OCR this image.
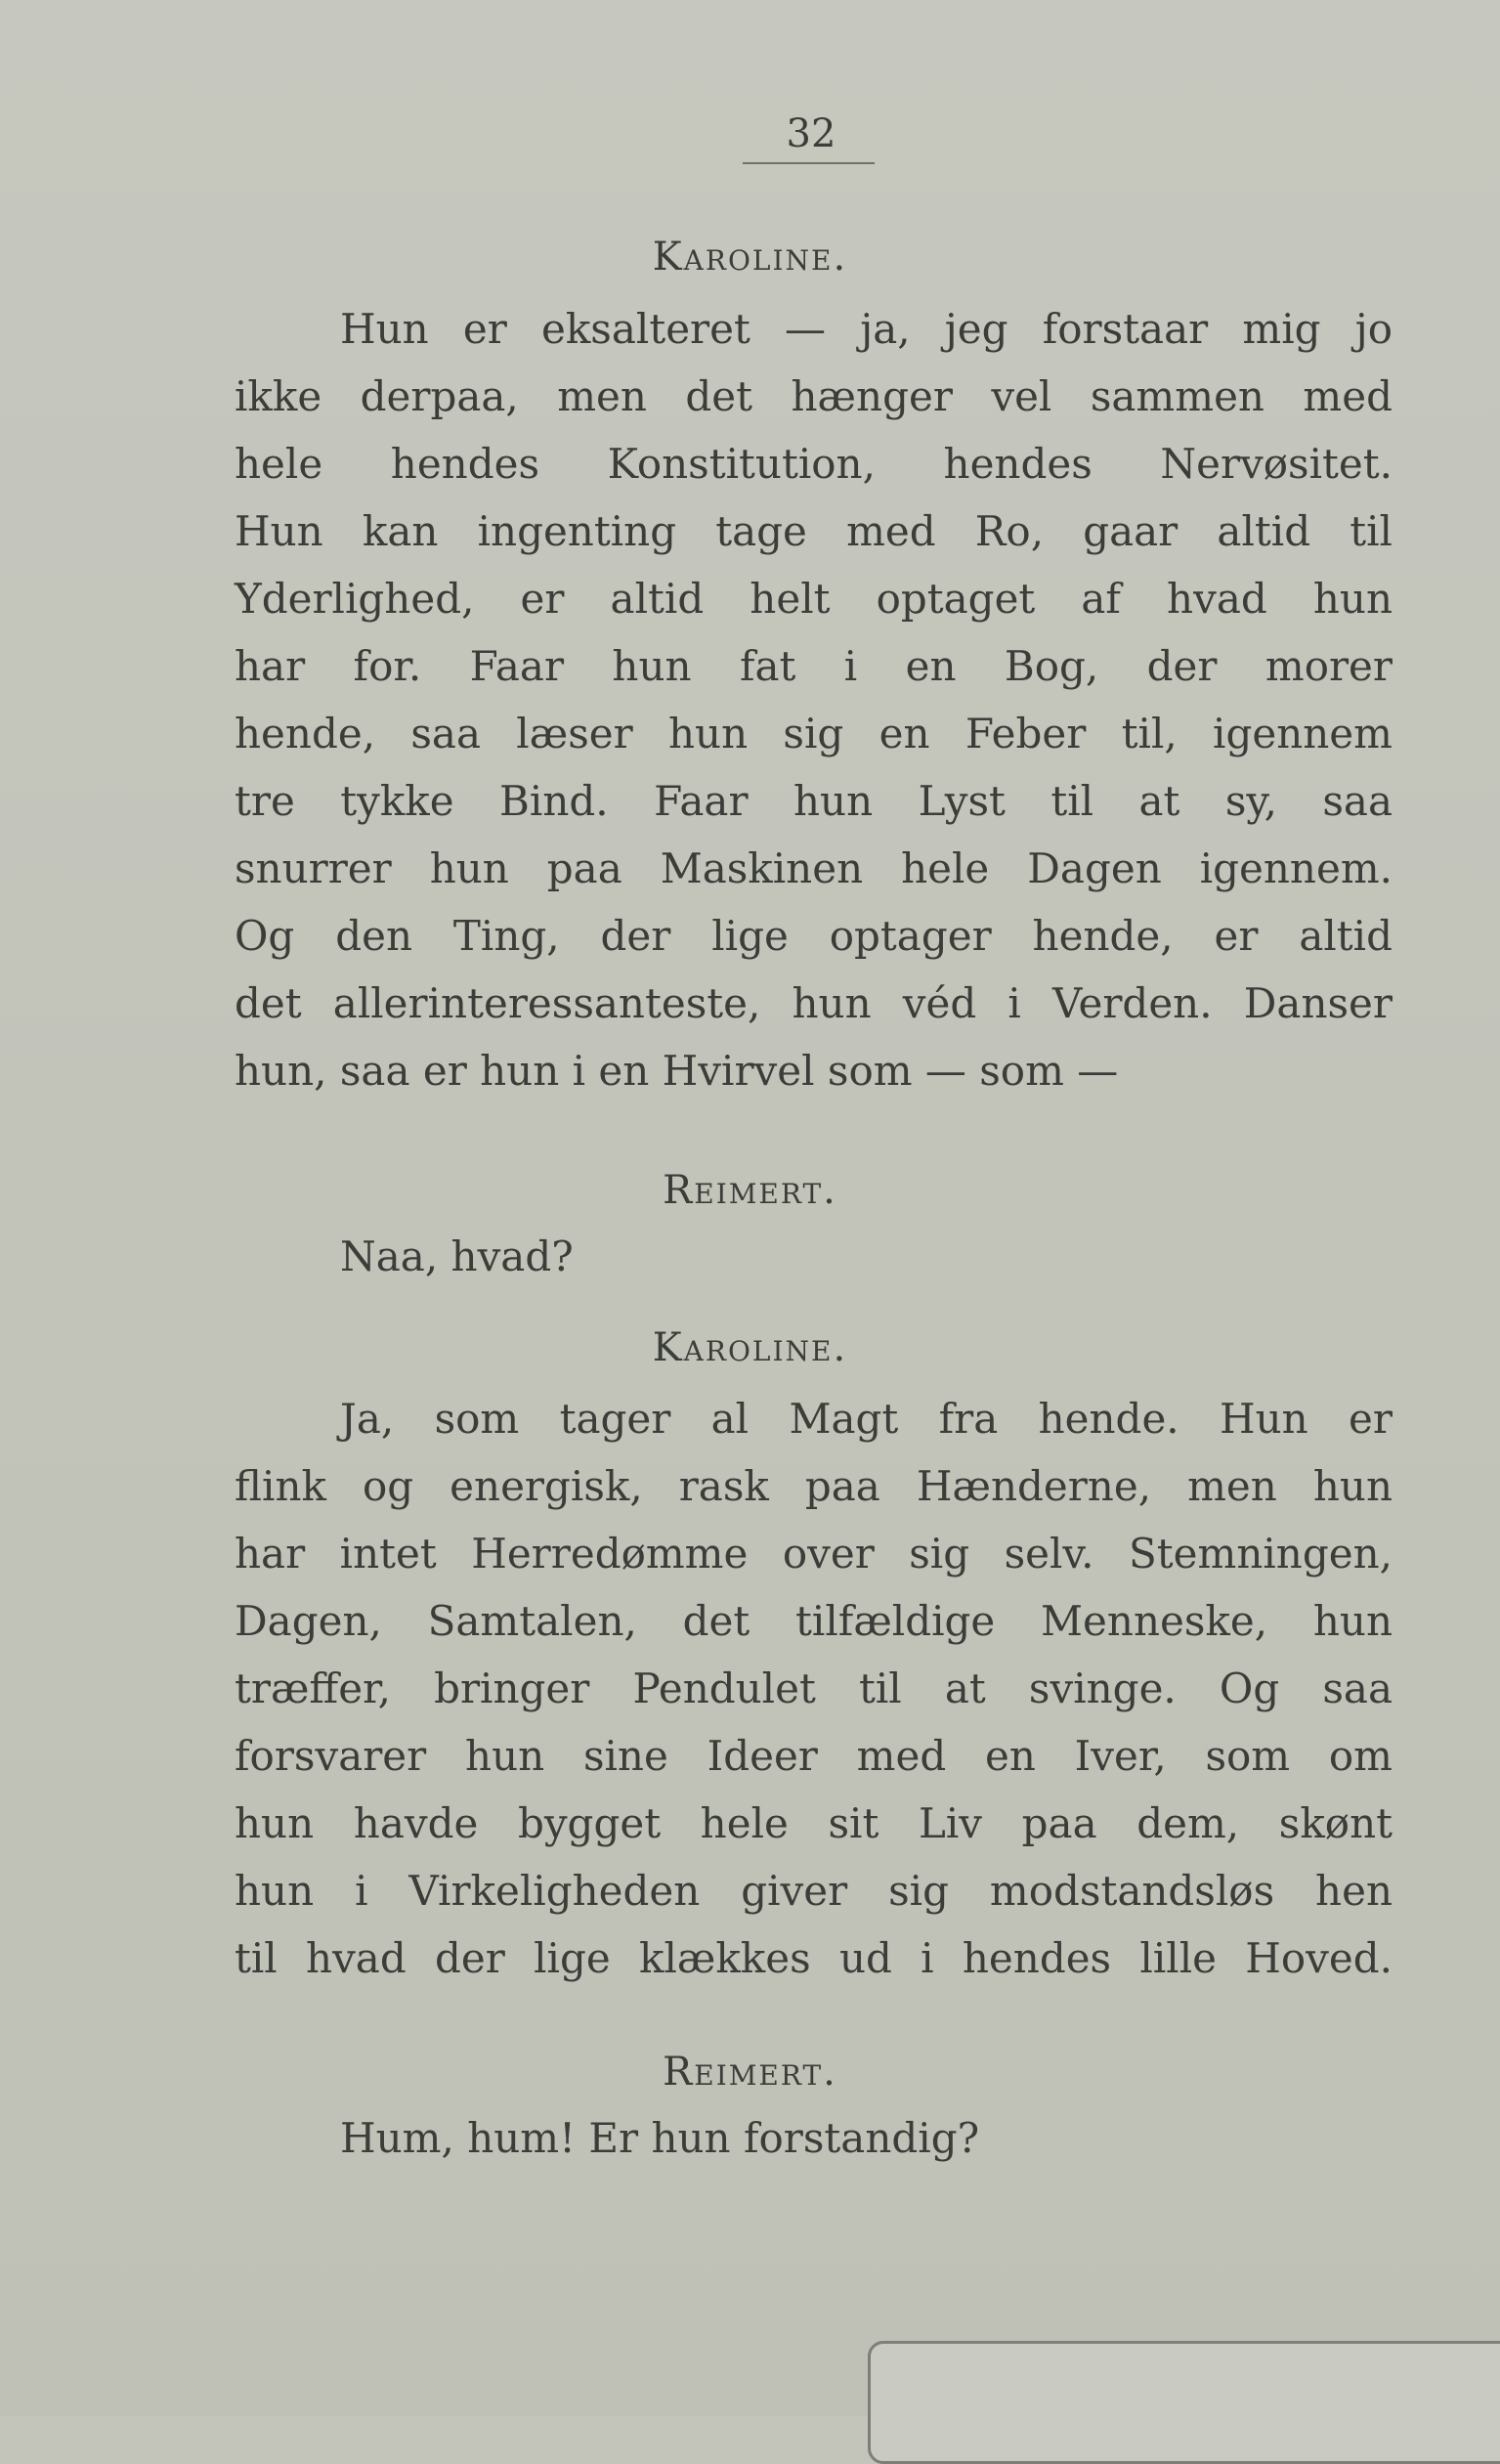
32
Karoline.
Hun er eksalteret — ja, jeg forstaar mig jo
ikke derpaa, men det hænger vel sammen med
hele hendes Konstitution, hendes Nervøsitet.
Hun kan ingenting tage med Ro, gaar altid til
Yderlighed, er altid helt optaget af hvad hun
har for. Faar hun fat i en Bog, der morer
hende, saa læser hun sig en Feber til, igennem
tre tykke Bind. Faar hun Lyst til at sy, saa
snurrer hun paa Maskinen hele Dagen igennem.
Og den Ting, der lige optager hende, er altid
det allerinteressanteste, hun véd i Verden. Danser
hun, saa er hun i en Hvirvel som — som —
Reimert.
Naa, hvad?
Karoline.
Ja, som tager al Magt fra hende. Hun er
flink og energisk, rask paa Hænderne, men hun
har intet Herredømme over sig selv. Stemningen,
Dagen, Samtalen, det tilfældige Menneske, hun
træffer, bringer Pendulet til at svinge. Og saa
forsvarer hun sine Ideer med en Iver, som om
hun havde bygget hele sit Liv paa dem, skønt
hun i Virkeligheden giver sig modstandsløs hen
til hvad der lige klækkes ud i hendes lille Hoved.
Reimert.
Hum, hum! Er hun forstandig?
